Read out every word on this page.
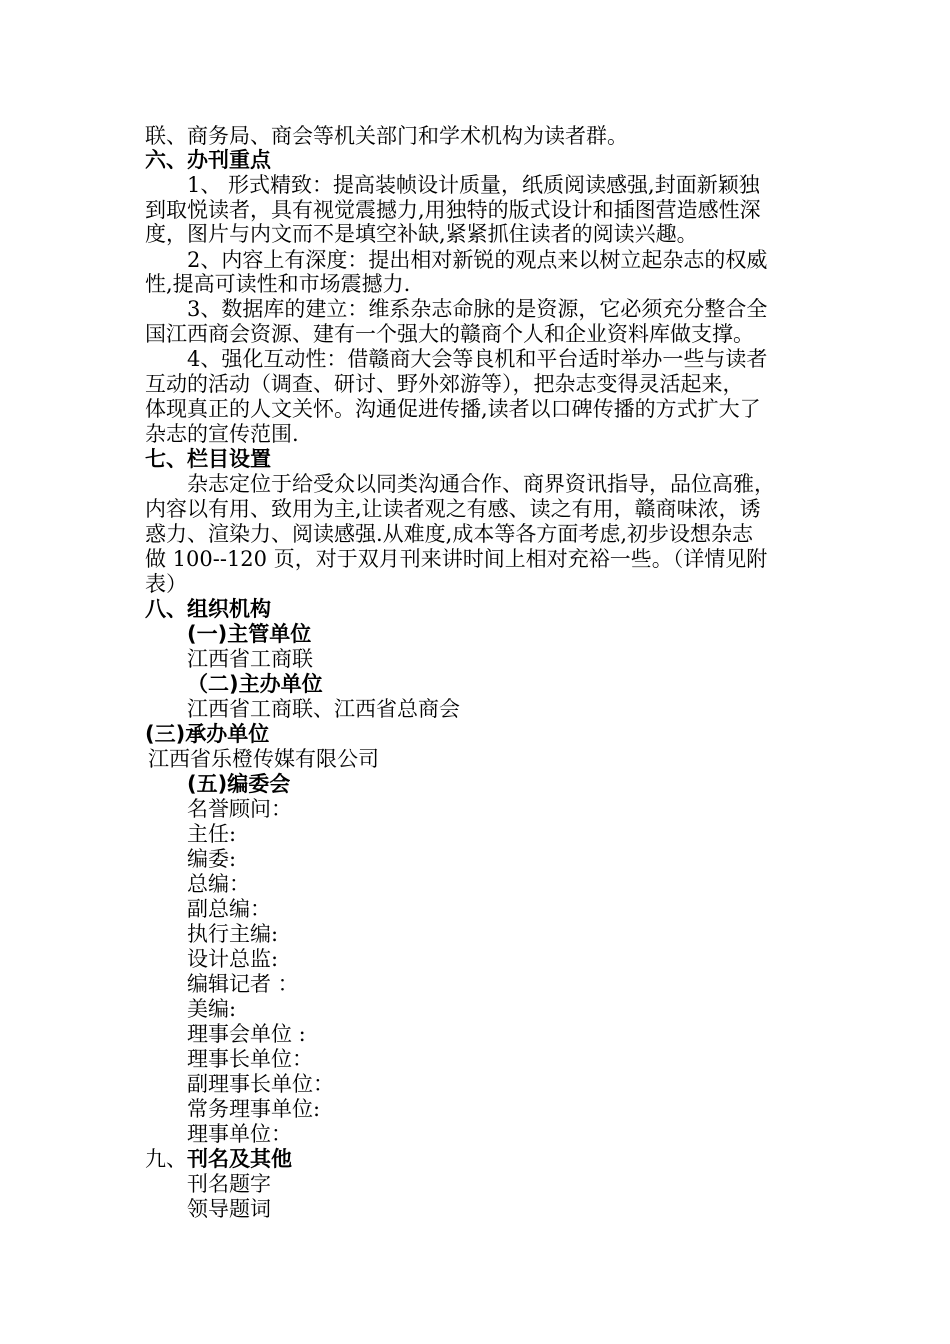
联、商务局、商会等机关部门和学术机构为读者群。
六、办刊重点
1、 形式精致：提高装帧设计质量，纸质阅读感强,封面新颖独
到取悦读者，具有视觉震撼力,用独特的版式设计和插图营造感性深
度，图片与内文而不是填空补缺,紧紧抓住读者的阅读兴趣。
2、内容上有深度：提出相对新锐的观点来以树立起杂志的权威
性,提高可读性和市场震撼力.
3、数据库的建立：维系杂志命脉的是资源，它必须充分整合全
国江西商会资源、建有一个强大的赣商个人和企业资料库做支撑。
4、强化互动性：借赣商大会等良机和平台适时举办一些与读者
互动的活动（调查、研讨、野外郊游等），把杂志变得灵活起来，
体现真正的人文关怀。沟通促进传播,读者以口碑传播的方式扩大了
杂志的宣传范围.
七、栏目设置
杂志定位于给受众以同类沟通合作、商界资讯指导，品位高雅，
内容以有用、致用为主,让读者观之有感、读之有用，赣商味浓，诱
惑力、渲染力、阅读感强.从难度,成本等各方面考虑,初步设想杂志
做 100--120 页，对于双月刊来讲时间上相对充裕一些。（详情见附
表）
八、组织机构
(一)主管单位
江西省工商联
（二)主办单位
江西省工商联、江西省总商会
(三)承办单位
江西省乐橙传媒有限公司
(五)编委会
名誉顾问：
主任:
编委:
总编：
副总编：
执行主编:
设计总监:
编辑记者 ：
美编:
理事会单位 :
理事长单位：
副理事长单位：
常务理事单位:
理事单位：
九、刊名及其他
刊名题字
领导题词
